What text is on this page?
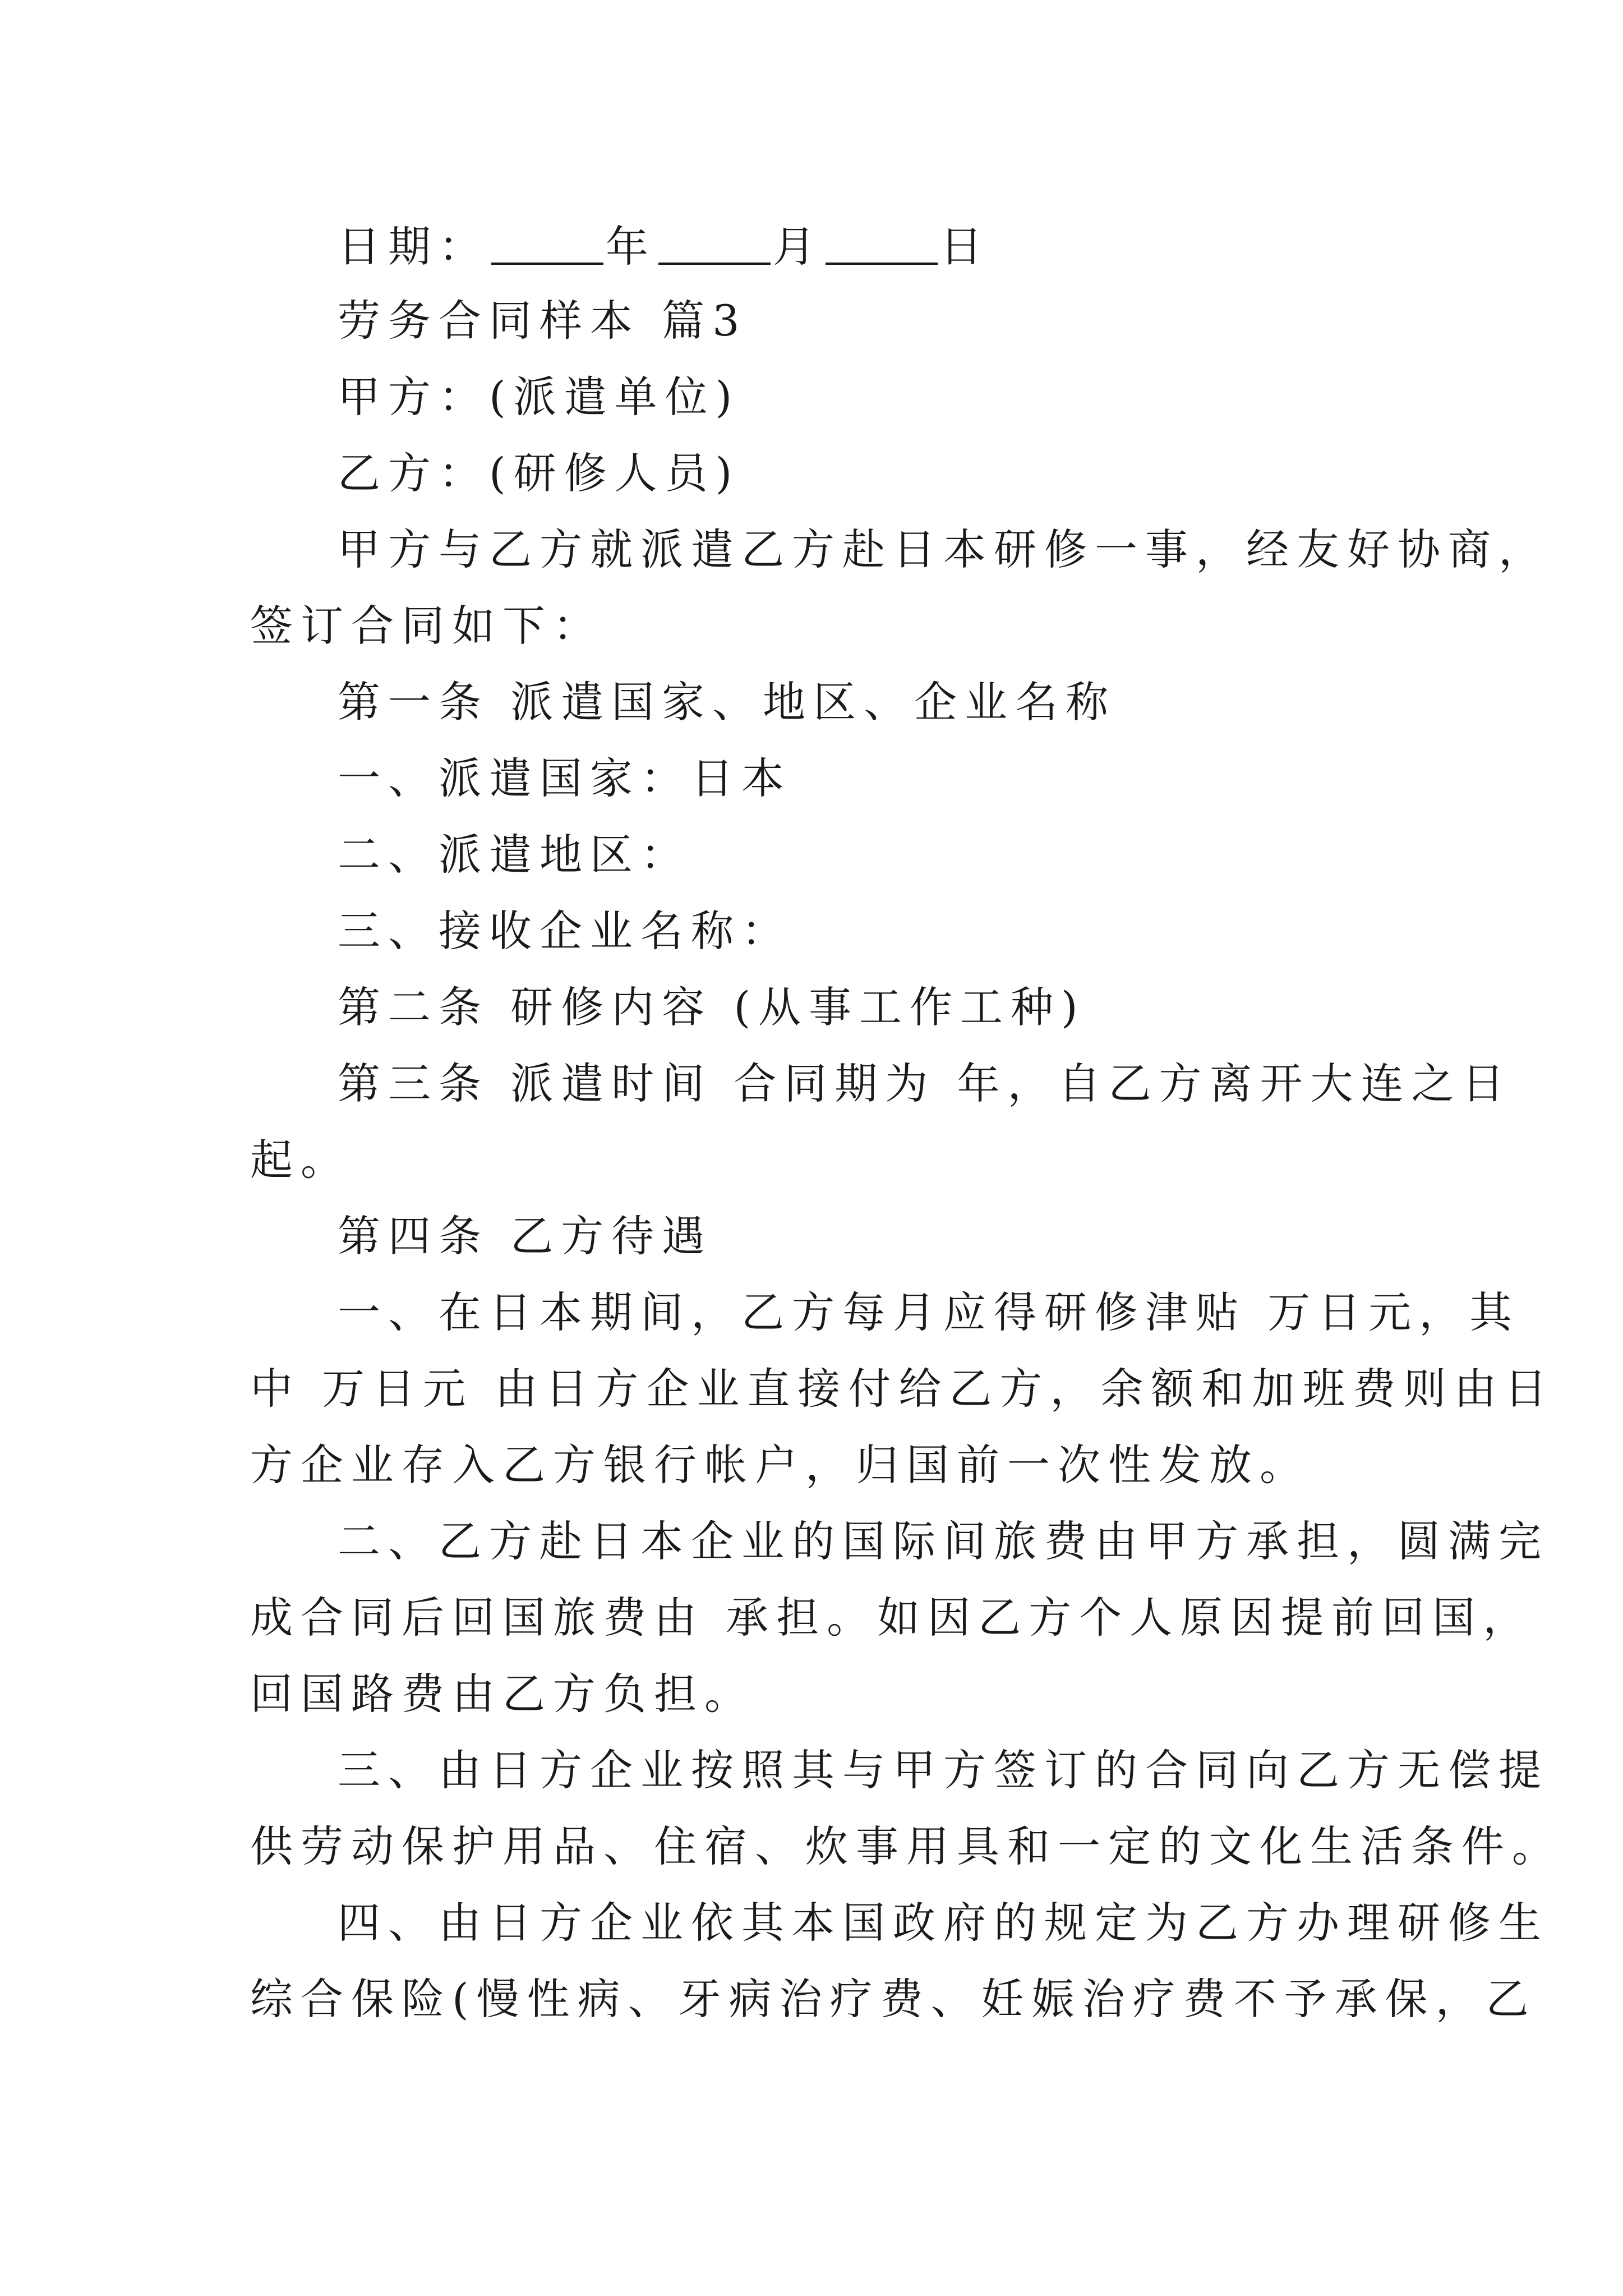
日期：	年	月	日
劳务合同样本 篇3
甲方：(派遣单位)
乙方：(研修人员)
甲方与乙方就派遣乙方赴日本研修一事，经友好协商，
签订合同如下：
第一条 派遣国家、地区、企业名称
一、派遣国家：日本
二、派遣地区：
三、接收企业名称：
第二条 研修内容 (从事工作工种)
第三条 派遣时间 合同期为 年，自乙方离开大连之日
起。
第四条 乙方待遇
一、在日本期间，乙方每月应得研修津贴 万日元，其
中 万日元 由日方企业直接付给乙方，余额和加班费则由日
方企业存入乙方银行帐户，归国前一次性发放。
二、乙方赴日本企业的国际间旅费由甲方承担，圆满完
成合同后回国旅费由 承担。如因乙方个人原因提前回国，
回国路费由乙方负担。
三、由日方企业按照其与甲方签订的合同向乙方无偿提
供劳动保护用品、住宿、炊事用具和一定的文化生活条件。
四、由日方企业依其本国政府的规定为乙方办理研修生
综合保险(慢性病、牙病治疗费、妊娠治疗费不予承保，乙
